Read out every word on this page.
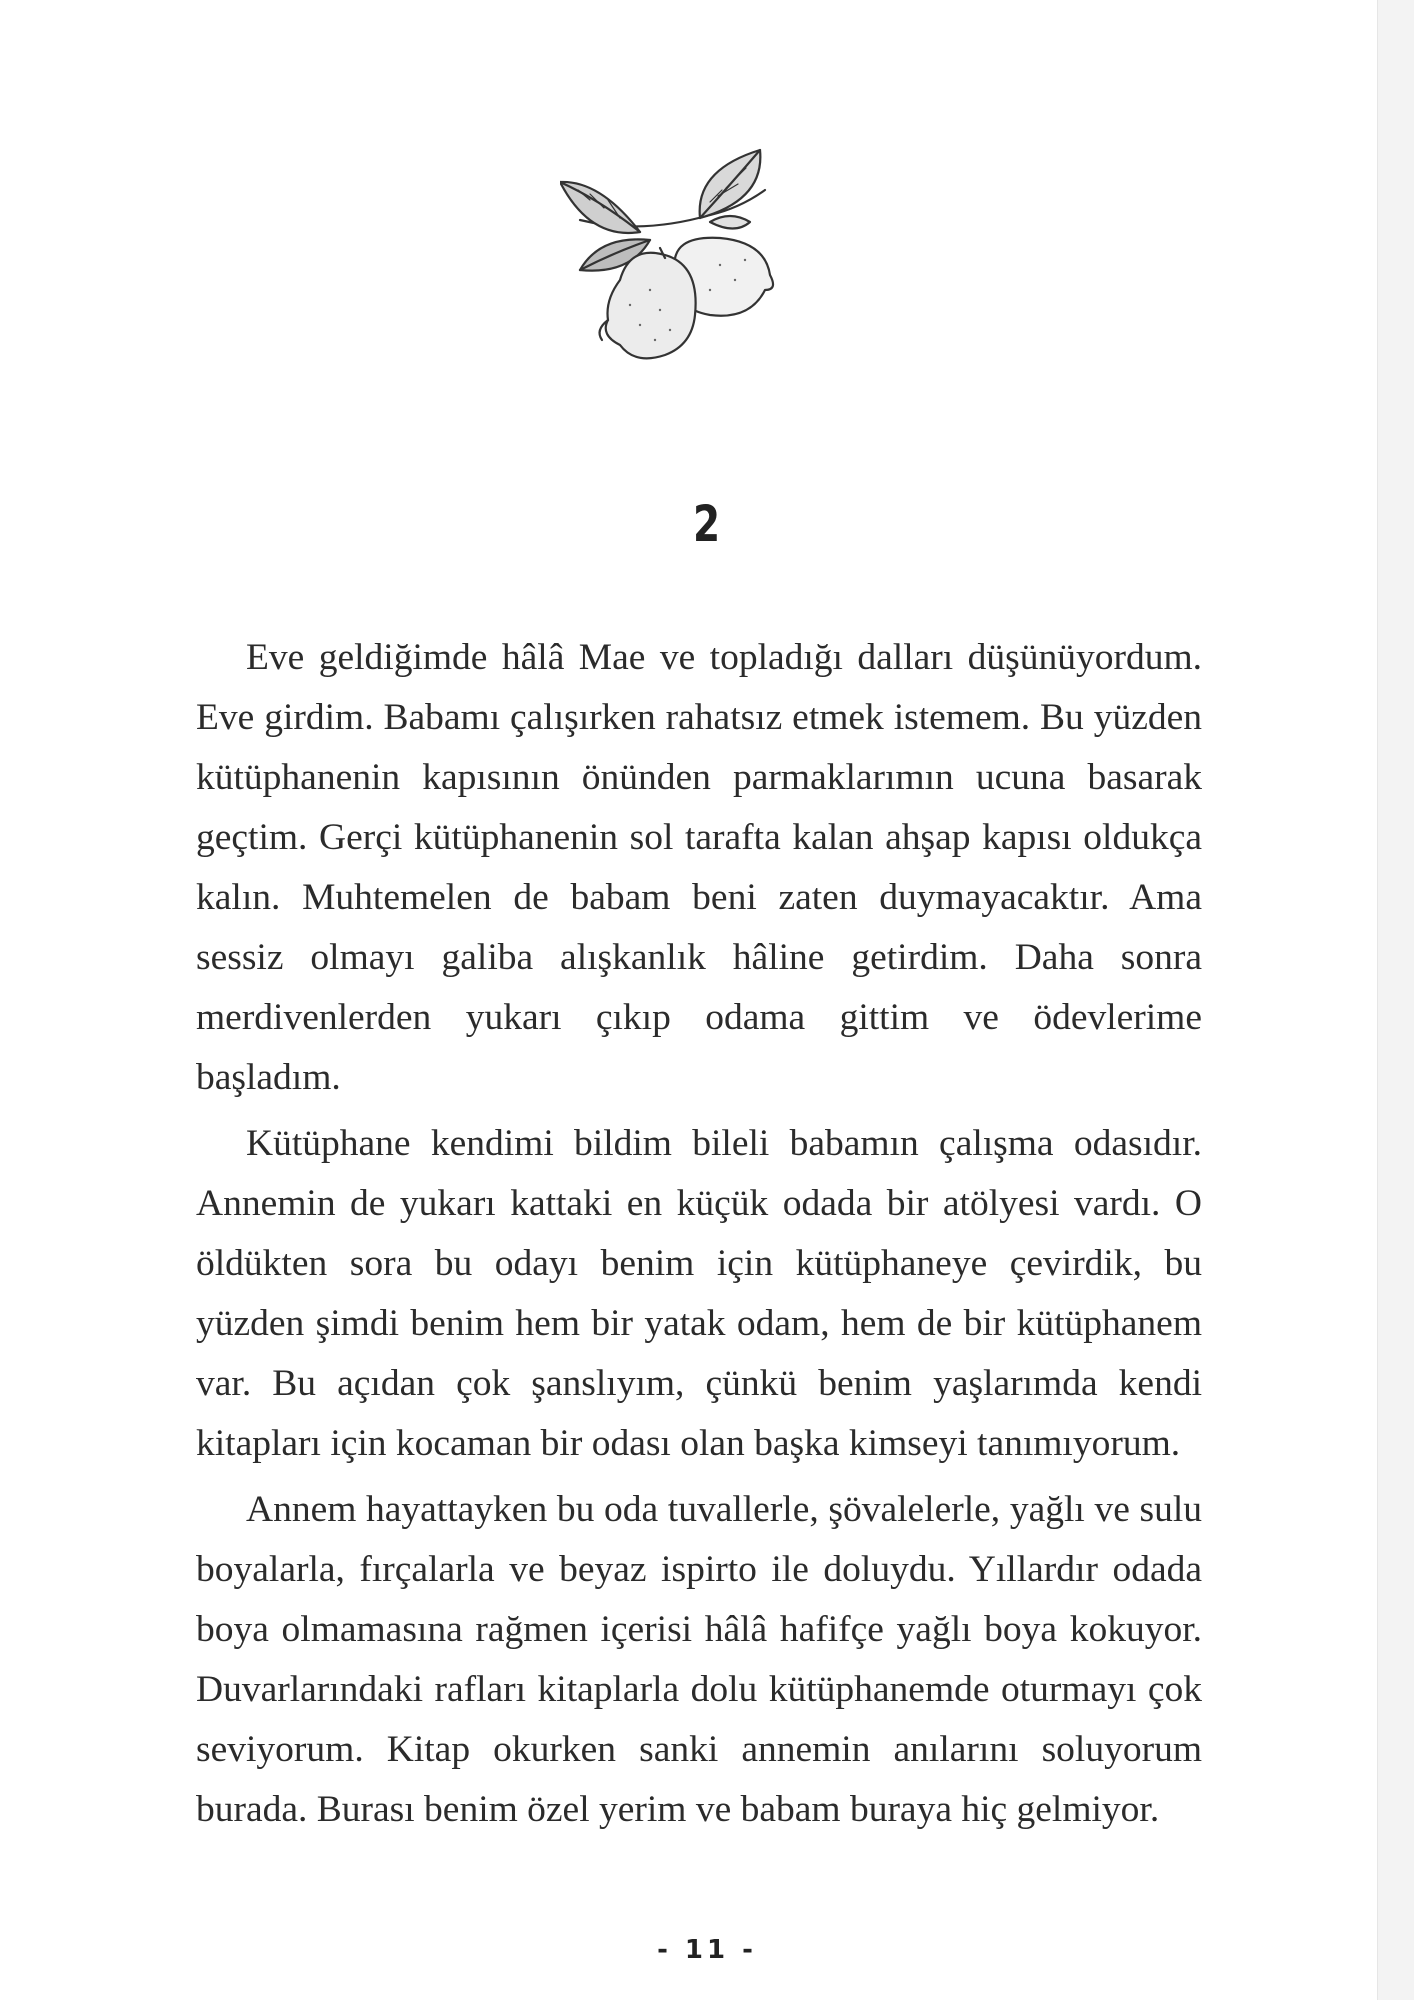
2

Eve geldiğimde hâlâ Mae ve topladığı dalları düşünüyordum. Eve girdim. Babamı çalışırken rahatsız etmek istemem. Bu yüzden kütüphanenin kapısının önünden parmaklarımın ucuna basarak geçtim. Gerçi kütüphanenin sol tarafta kalan ahşap kapısı oldukça kalın. Muhtemelen de babam beni zaten duymayacaktır. Ama sessiz olmayı galiba alışkanlık hâline getirdim. Daha sonra merdivenlerden yukarı çıkıp odama gittim ve ödevlerime başladım.

Kütüphane kendimi bildim bileli babamın çalışma odasıdır. Annemin de yukarı kattaki en küçük odada bir atölyesi vardı. O öldükten sora bu odayı benim için kütüphaneye çevirdik, bu yüzden şimdi benim hem bir yatak odam, hem de bir kütüphanem var. Bu açıdan çok şanslıyım, çünkü benim yaşlarımda kendi kitapları için kocaman bir odası olan başka kimseyi tanımıyorum.

Annem hayattayken bu oda tuvallerle, şövalelerle, yağlı ve sulu boyalarla, fırçalarla ve beyaz ispirto ile doluydu. Yıllardır odada boya olmamasına rağmen içerisi hâlâ hafifçe yağlı boya kokuyor. Duvarlarındaki rafları kitaplarla dolu kütüphanemde oturmayı çok seviyorum. Kitap okurken sanki annemin anılarını soluyorum burada. Burası benim özel yerim ve babam buraya hiç gelmiyor.

- 11 -
